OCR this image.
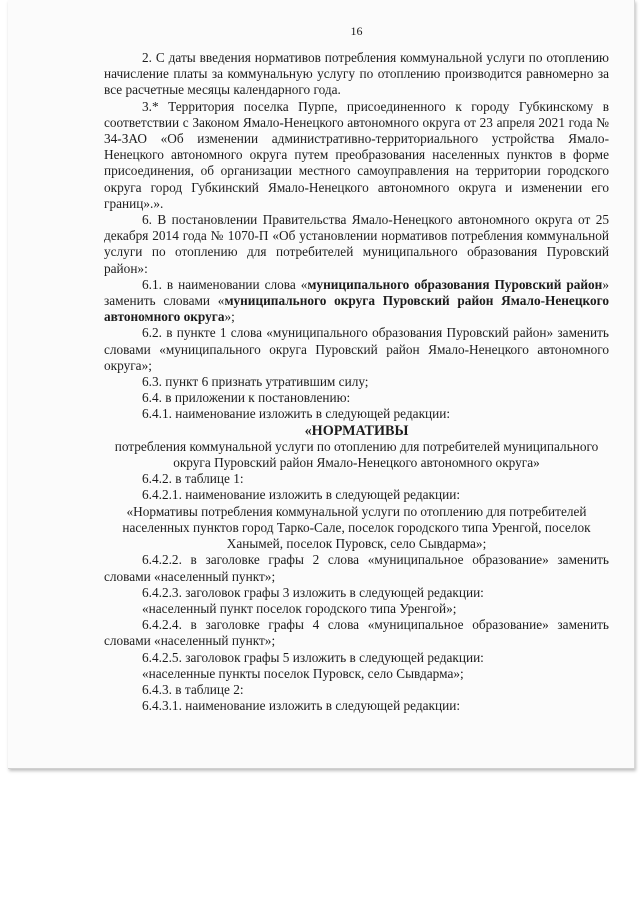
16

2. С даты введения нормативов потребления коммунальной услуги по отоплению начисление платы за коммунальную услугу по отоплению производится равномерно за все расчетные месяцы календарного года.

3.* Территория поселка Пурпе, присоединенного к городу Губкинскому в соответствии с Законом Ямало-Ненецкого автономного округа от 23 апреля 2021 года № 34-ЗАО «Об изменении административно-территориального устройства Ямало-Ненецкого автономного округа путем преобразования населенных пунктов в форме присоединения, об организации местного самоуправления на территории городского округа город Губкинский Ямало-Ненецкого автономного округа и изменении его границ».».

6. В постановлении Правительства Ямало-Ненецкого автономного округа от 25 декабря 2014 года № 1070-П «Об установлении нормативов потребления коммунальной услуги по отоплению для потребителей муниципального образования Пуровский район»:

6.1. в наименовании слова «муниципального образования Пуровский район» заменить словами «муниципального округа Пуровский район Ямало-Ненецкого автономного округа»;

6.2. в пункте 1 слова «муниципального образования Пуровский район» заменить словами «муниципального округа Пуровский район Ямало-Ненецкого автономного округа»;

6.3. пункт 6 признать утратившим силу;

6.4. в приложении к постановлению:

6.4.1. наименование изложить в следующей редакции:

«НОРМАТИВЫ

потребления коммунальной услуги по отоплению для потребителей муниципального округа Пуровский район Ямало-Ненецкого автономного округа»

6.4.2. в таблице 1:

6.4.2.1. наименование изложить в следующей редакции:

«Нормативы потребления коммунальной услуги по отоплению для потребителей населенных пунктов город Тарко-Сале, поселок городского типа Уренгой, поселок Ханымей, поселок Пуровск, село Сывдарма»;

6.4.2.2. в заголовке графы 2 слова «муниципальное образование» заменить словами «населенный пункт»;

6.4.2.3. заголовок графы 3 изложить в следующей редакции:

«населенный пункт поселок городского типа Уренгой»;

6.4.2.4. в заголовке графы 4 слова «муниципальное образование» заменить словами «населенный пункт»;

6.4.2.5. заголовок графы 5 изложить в следующей редакции:

«населенные пункты поселок Пуровск, село Сывдарма»;

6.4.3. в таблице 2:

6.4.3.1. наименование изложить в следующей редакции:
